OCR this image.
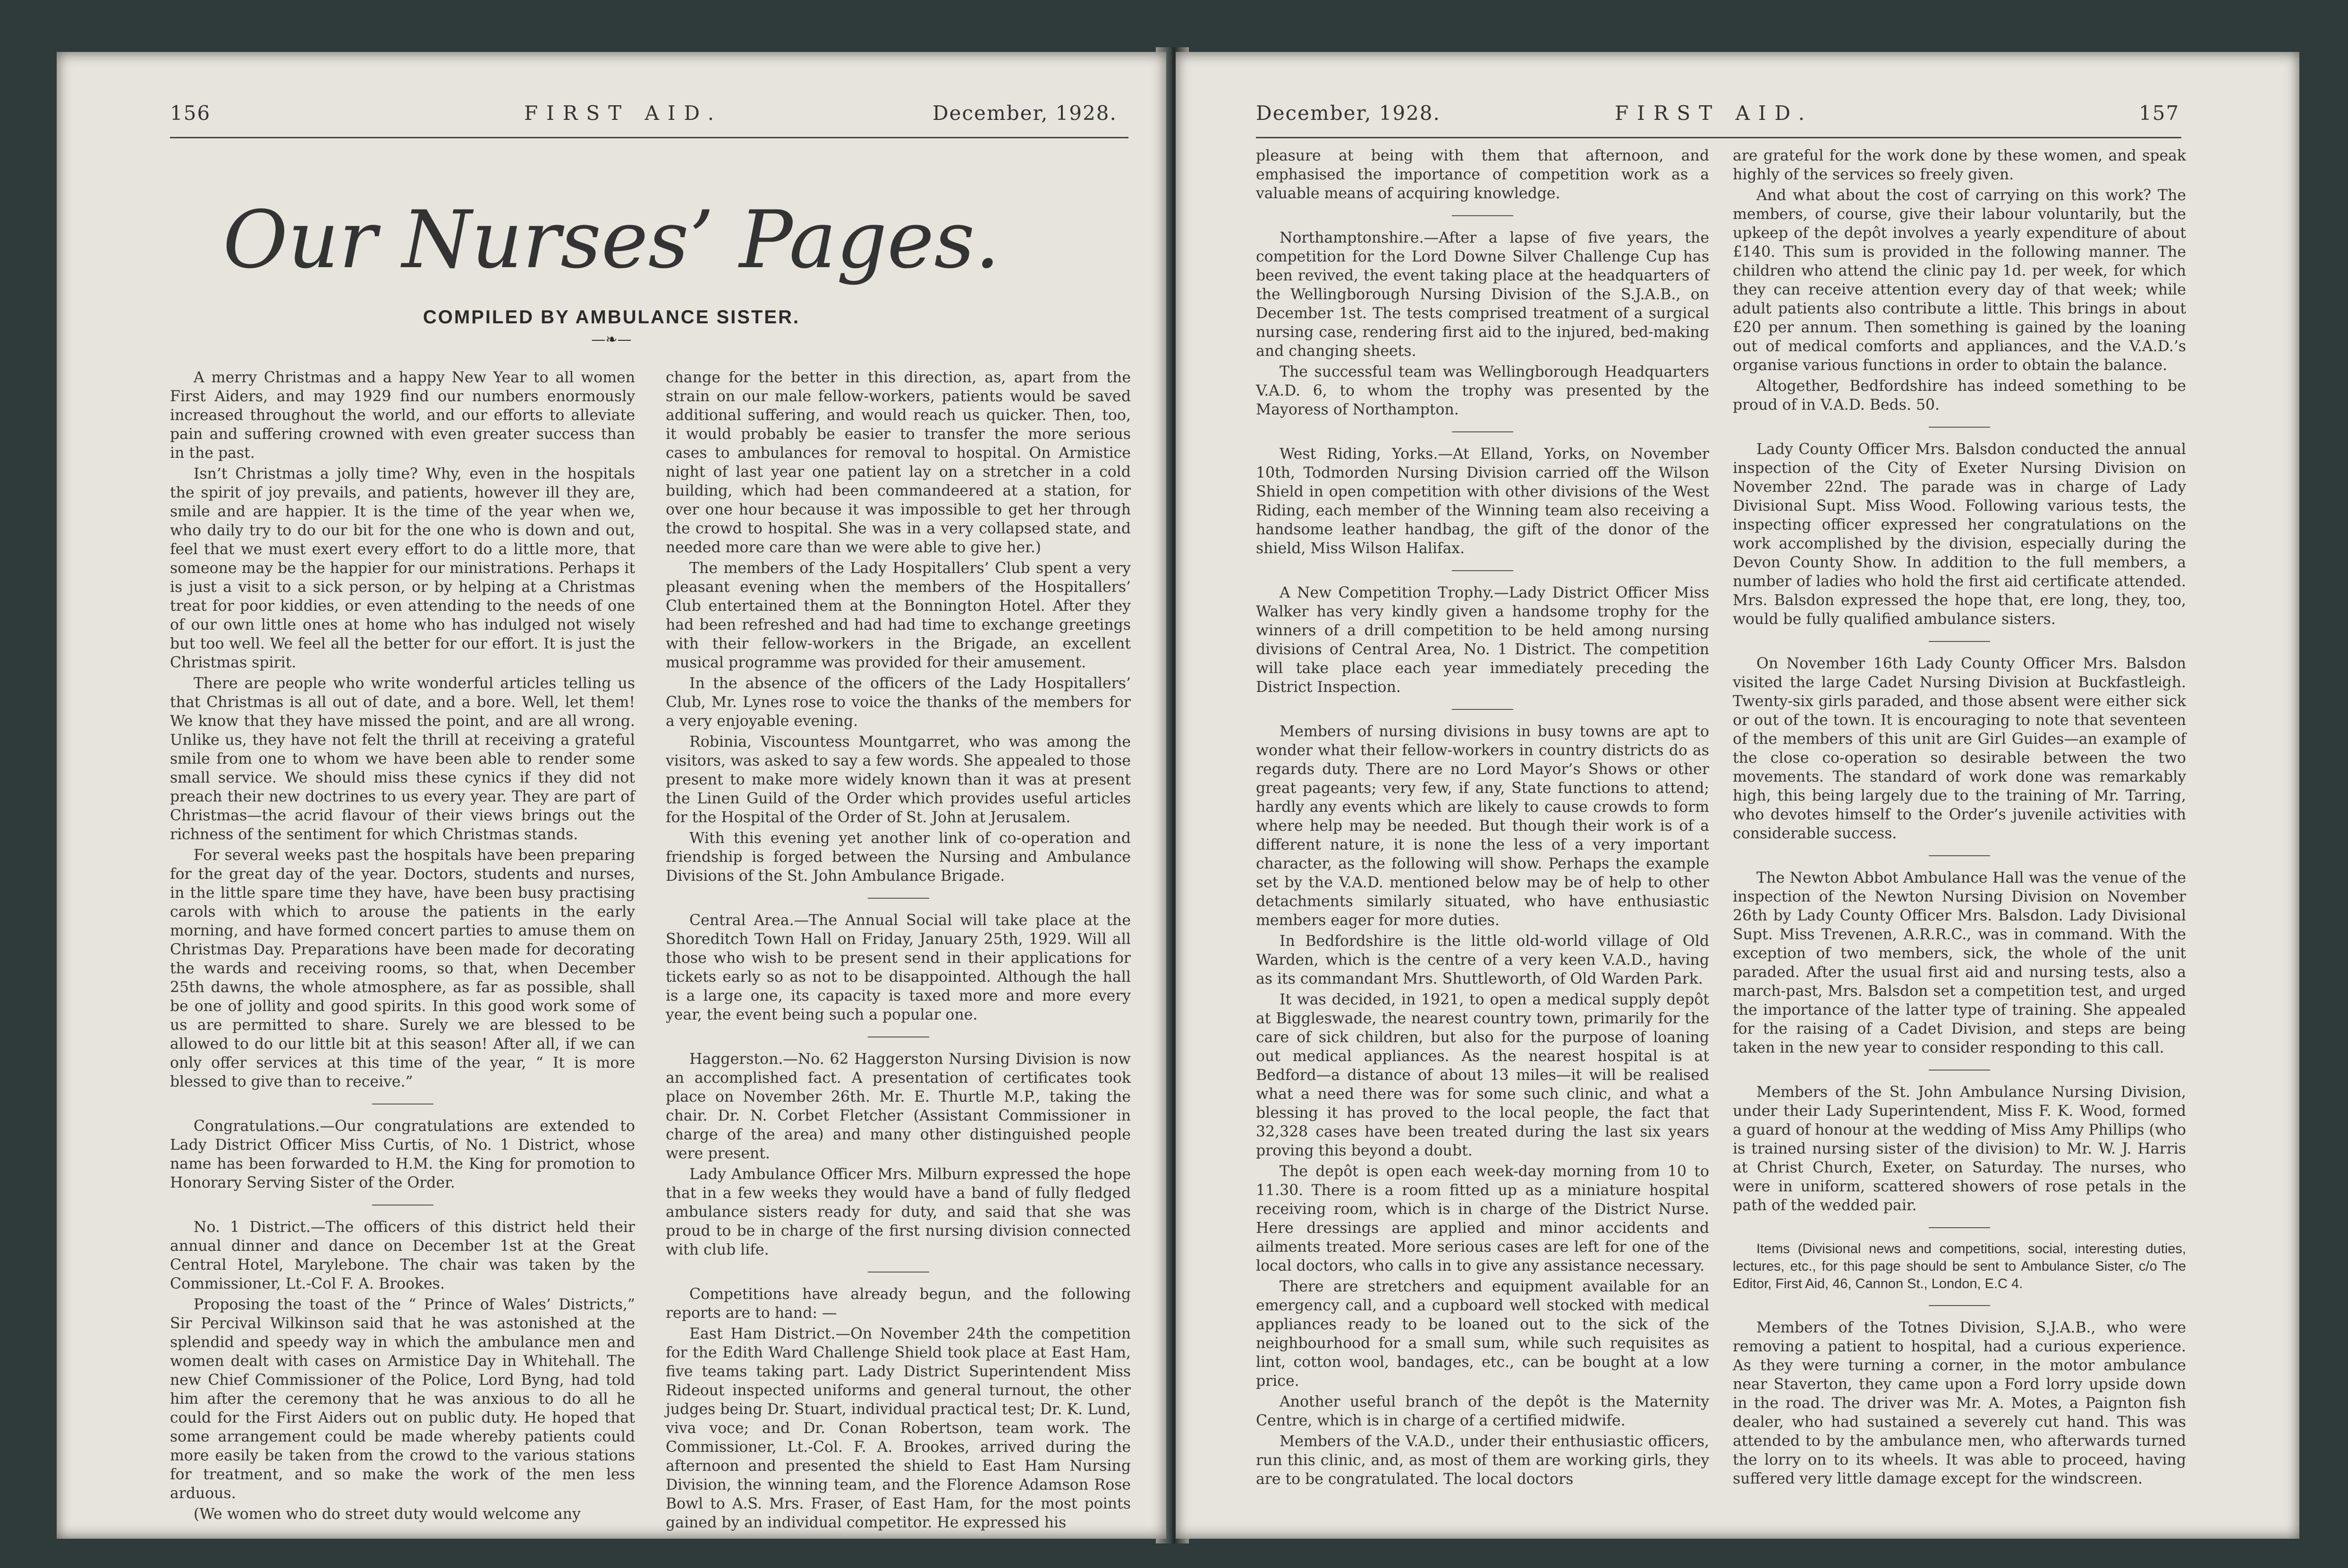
156	FIRST AID.	December, 1928.
Our Nurses’ Pages.
COMPILED BY AMBULANCE SISTER.
—❧—

A merry Christmas and a happy New Year to all women First Aiders, and may 1929 find our numbers enormously increased throughout the world, and our efforts to alleviate pain and suffering crowned with even greater success than in the past.

Isn’t Christmas a jolly time? Why, even in the hospitals the spirit of joy prevails, and patients, however ill they are, smile and are happier. It is the time of the year when we, who daily try to do our bit for the one who is down and out, feel that we must exert every effort to do a little more, that someone may be the happier for our ministrations. Perhaps it is just a visit to a sick person, or by helping at a Christmas treat for poor kiddies, or even attending to the needs of one of our own little ones at home who has indulged not wisely but too well. We feel all the better for our effort. It is just the Christmas spirit.

There are people who write wonderful articles telling us that Christmas is all out of date, and a bore. Well, let them! We know that they have missed the point, and are all wrong. Unlike us, they have not felt the thrill at receiving a grateful smile from one to whom we have been able to render some small service. We should miss these cynics if they did not preach their new doctrines to us every year. They are part of Christmas—the acrid flavour of their views brings out the richness of the sentiment for which Christmas stands.

For several weeks past the hospitals have been preparing for the great day of the year. Doctors, students and nurses, in the little spare time they have, have been busy practising carols with which to arouse the patients in the early morning, and have formed concert parties to amuse them on Christmas Day. Preparations have been made for decorating the wards and receiving rooms, so that, when December 25th dawns, the whole atmosphere, as far as possible, shall be one of jollity and good spirits. In this good work some of us are permitted to share. Surely we are blessed to be allowed to do our little bit at this season! After all, if we can only offer services at this time of the year, “ It is more blessed to give than to receive.”

Congratulations.—Our congratulations are extended to Lady District Officer Miss Curtis, of No. 1 District, whose name has been forwarded to H.M. the King for promotion to Honorary Serving Sister of the Order.

No. 1 District.—The officers of this district held their annual dinner and dance on December 1st at the Great Central Hotel, Marylebone. The chair was taken by the Commissioner, Lt.-Col F. A. Brookes.

Proposing the toast of the “ Prince of Wales’ Districts,” Sir Percival Wilkinson said that he was astonished at the splendid and speedy way in which the ambulance men and women dealt with cases on Armistice Day in Whitehall. The new Chief Commissioner of the Police, Lord Byng, had told him after the ceremony that he was anxious to do all he could for the First Aiders out on public duty. He hoped that some arrangement could be made whereby patients could more easily be taken from the crowd to the various stations for treatment, and so make the work of the men less arduous.

(We women who do street duty would welcome any

change for the better in this direction, as, apart from the strain on our male fellow-workers, patients would be saved additional suffering, and would reach us quicker. Then, too, it would probably be easier to transfer the more serious cases to ambulances for removal to hospital. On Armistice night of last year one patient lay on a stretcher in a cold building, which had been commandeered at a station, for over one hour because it was impossible to get her through the crowd to hospital. She was in a very collapsed state, and needed more care than we were able to give her.)

The members of the Lady Hospitallers’ Club spent a very pleasant evening when the members of the Hospitallers’ Club entertained them at the Bonnington Hotel. After they had been refreshed and had had time to exchange greetings with their fellow-workers in the Brigade, an excellent musical programme was provided for their amusement.

In the absence of the officers of the Lady Hospitallers’ Club, Mr. Lynes rose to voice the thanks of the members for a very enjoyable evening.

Robinia, Viscountess Mountgarret, who was among the visitors, was asked to say a few words. She appealed to those present to make more widely known than it was at present the Linen Guild of the Order which provides useful articles for the Hospital of the Order of St. John at Jerusalem.

With this evening yet another link of co-operation and friendship is forged between the Nursing and Ambulance Divisions of the St. John Ambulance Brigade.

Central Area.—The Annual Social will take place at the Shoreditch Town Hall on Friday, January 25th, 1929. Will all those who wish to be present send in their applications for tickets early so as not to be disappointed. Although the hall is a large one, its capacity is taxed more and more every year, the event being such a popular one.

Haggerston.—No. 62 Haggerston Nursing Division is now an accomplished fact. A presentation of certificates took place on November 26th. Mr. E. Thurtle M.P., taking the chair. Dr. N. Corbet Fletcher (Assistant Commissioner in charge of the area) and many other distinguished people were present.

Lady Ambulance Officer Mrs. Milburn expressed the hope that in a few weeks they would have a band of fully fledged ambulance sisters ready for duty, and said that she was proud to be in charge of the first nursing division connected with club life.

Competitions have already begun, and the following reports are to hand: —

East Ham District.—On November 24th the competition for the Edith Ward Challenge Shield took place at East Ham, five teams taking part. Lady District Superintendent Miss Rideout inspected uniforms and general turnout, the other judges being Dr. Stuart, individual practical test; Dr. K. Lund, viva voce; and Dr. Conan Robertson, team work. The Commissioner, Lt.-Col. F. A. Brookes, arrived during the afternoon and presented the shield to East Ham Nursing Division, the winning team, and the Florence Adamson Rose Bowl to A.S. Mrs. Fraser, of East Ham, for the most points gained by an individual competitor. He expressed his

December, 1928.	FIRST AID.	157

pleasure at being with them that afternoon, and emphasised the importance of competition work as a valuable means of acquiring knowledge.

Northamptonshire.—After a lapse of five years, the competition for the Lord Downe Silver Challenge Cup has been revived, the event taking place at the headquarters of the Wellingborough Nursing Division of the S.J.A.B., on December 1st. The tests comprised treatment of a surgical nursing case, rendering first aid to the injured, bed-making and changing sheets.

The successful team was Wellingborough Headquarters V.A.D. 6, to whom the trophy was presented by the Mayoress of Northampton.

West Riding, Yorks.—At Elland, Yorks, on November 10th, Todmorden Nursing Division carried off the Wilson Shield in open competition with other divisions of the West Riding, each member of the Winning team also receiving a handsome leather handbag, the gift of the donor of the shield, Miss Wilson Halifax.

A New Competition Trophy.—Lady District Officer Miss Walker has very kindly given a handsome trophy for the winners of a drill competition to be held among nursing divisions of Central Area, No. 1 District. The competition will take place each year immediately preceding the District Inspection.

Members of nursing divisions in busy towns are apt to wonder what their fellow-workers in country districts do as regards duty. There are no Lord Mayor’s Shows or other great pageants; very few, if any, State functions to attend; hardly any events which are likely to cause crowds to form where help may be needed. But though their work is of a different nature, it is none the less of a very important character, as the following will show. Perhaps the example set by the V.A.D. mentioned below may be of help to other detachments similarly situated, who have enthusiastic members eager for more duties.

In Bedfordshire is the little old-world village of Old Warden, which is the centre of a very keen V.A.D., having as its commandant Mrs. Shuttleworth, of Old Warden Park.

It was decided, in 1921, to open a medical supply depôt at Biggleswade, the nearest country town, primarily for the care of sick children, but also for the purpose of loaning out medical appliances. As the nearest hospital is at Bedford—a distance of about 13 miles—it will be realised what a need there was for some such clinic, and what a blessing it has proved to the local people, the fact that 32,328 cases have been treated during the last six years proving this beyond a doubt.

The depôt is open each week-day morning from 10 to 11.30. There is a room fitted up as a miniature hospital receiving room, which is in charge of the District Nurse. Here dressings are applied and minor accidents and ailments treated. More serious cases are left for one of the local doctors, who calls in to give any assistance necessary.

There are stretchers and equipment available for an emergency call, and a cupboard well stocked with medical appliances ready to be loaned out to the sick of the neighbourhood for a small sum, while such requisites as lint, cotton wool, bandages, etc., can be bought at a low price.

Another useful branch of the depôt is the Maternity Centre, which is in charge of a certified midwife.

Members of the V.A.D., under their enthusiastic officers, run this clinic, and, as most of them are working girls, they are to be congratulated. The local doctors

are grateful for the work done by these women, and speak highly of the services so freely given.

And what about the cost of carrying on this work? The members, of course, give their labour voluntarily, but the upkeep of the depôt involves a yearly expenditure of about £140. This sum is provided in the following manner. The children who attend the clinic pay 1d. per week, for which they can receive attention every day of that week; while adult patients also contribute a little. This brings in about £20 per annum. Then something is gained by the loaning out of medical comforts and appliances, and the V.A.D.’s organise various functions in order to obtain the balance.

Altogether, Bedfordshire has indeed something to be proud of in V.A.D. Beds. 50.

Lady County Officer Mrs. Balsdon conducted the annual inspection of the City of Exeter Nursing Division on November 22nd. The parade was in charge of Lady Divisional Supt. Miss Wood. Following various tests, the inspecting officer expressed her congratulations on the work accomplished by the division, especially during the Devon County Show. In addition to the full members, a number of ladies who hold the first aid certificate attended. Mrs. Balsdon expressed the hope that, ere long, they, too, would be fully qualified ambulance sisters.

On November 16th Lady County Officer Mrs. Balsdon visited the large Cadet Nursing Division at Buckfastleigh. Twenty-six girls paraded, and those absent were either sick or out of the town. It is encouraging to note that seventeen of the members of this unit are Girl Guides—an example of the close co-operation so desirable between the two movements. The standard of work done was remarkably high, this being largely due to the training of Mr. Tarring, who devotes himself to the Order’s juvenile activities with considerable success.

The Newton Abbot Ambulance Hall was the venue of the inspection of the Newton Nursing Division on November 26th by Lady County Officer Mrs. Balsdon. Lady Divisional Supt. Miss Trevenen, A.R.R.C., was in command. With the exception of two members, sick, the whole of the unit paraded. After the usual first aid and nursing tests, also a march-past, Mrs. Balsdon set a competition test, and urged the importance of the latter type of training. She appealed for the raising of a Cadet Division, and steps are being taken in the new year to consider responding to this call.

Members of the St. John Ambulance Nursing Division, under their Lady Superintendent, Miss F. K. Wood, formed a guard of honour at the wedding of Miss Amy Phillips (who is trained nursing sister of the division) to Mr. W. J. Harris at Christ Church, Exeter, on Saturday. The nurses, who were in uniform, scattered showers of rose petals in the path of the wedded pair.

Items (Divisional news and competitions, social, interesting duties, lectures, etc., for this page should be sent to Ambulance Sister, c/o The Editor, First Aid, 46, Cannon St., London, E.C 4.

Members of the Totnes Division, S.J.A.B., who were removing a patient to hospital, had a curious experience. As they were turning a corner, in the motor ambulance near Staverton, they came upon a Ford lorry upside down in the road. The driver was Mr. A. Motes, a Paignton fish dealer, who had sustained a severely cut hand. This was attended to by the ambulance men, who afterwards turned the lorry on to its wheels. It was able to proceed, having suffered very little damage except for the windscreen.
